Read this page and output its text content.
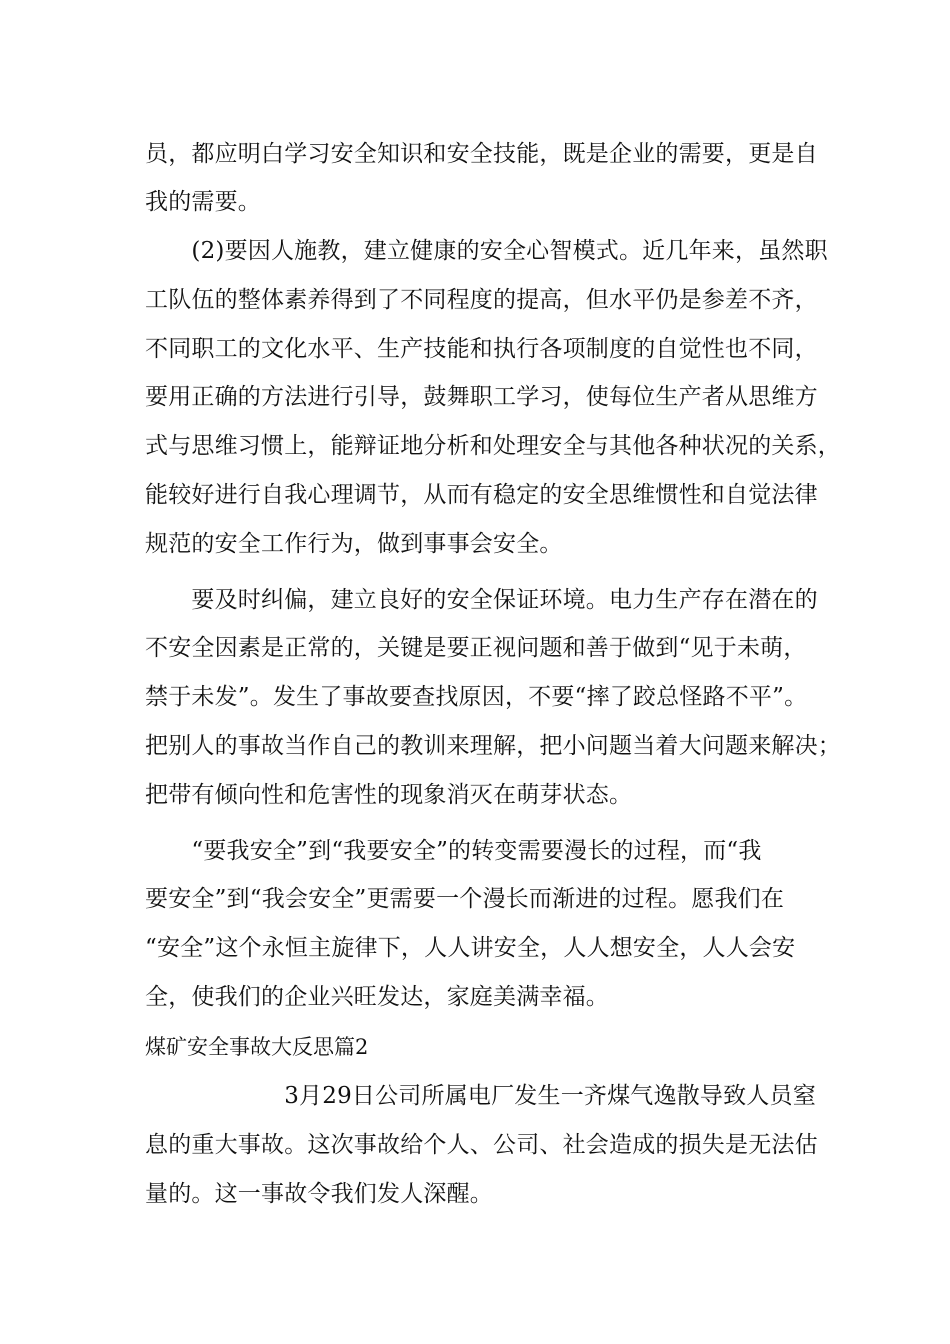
员，都应明白学习安全知识和安全技能，既是企业的需要，更是自
我的需要。
　　(2)要因人施教，建立健康的安全心智模式。近几年来，虽然职
工队伍的整体素养得到了不同程度的提高，但水平仍是参差不齐，
不同职工的文化水平、生产技能和执行各项制度的自觉性也不同，
要用正确的方法进行引导，鼓舞职工学习，使每位生产者从思维方
式与思维习惯上，能辩证地分析和处理安全与其他各种状况的关系，
能较好进行自我心理调节，从而有稳定的安全思维惯性和自觉法律
规范的安全工作行为，做到事事会安全。
　　要及时纠偏，建立良好的安全保证环境。电力生产存在潜在的
不安全因素是正常的，关键是要正视问题和善于做到“见于未萌，
禁于未发”。发生了事故要查找原因，不要“摔了跤总怪路不平”。
把别人的事故当作自己的教训来理解，把小问题当着大问题来解决；
把带有倾向性和危害性的现象消灭在萌芽状态。
　　“要我安全”到“我要安全”的转变需要漫长的过程，而“我
要安全”到“我会安全”更需要一个漫长而渐进的过程。愿我们在
“安全”这个永恒主旋律下，人人讲安全，人人想安全，人人会安
全，使我们的企业兴旺发达，家庭美满幸福。
煤矿安全事故大反思篇2
　　　　　　3月29日公司所属电厂发生一齐煤气逸散导致人员窒
息的重大事故。这次事故给个人、公司、社会造成的损失是无法估
量的。这一事故令我们发人深醒。
